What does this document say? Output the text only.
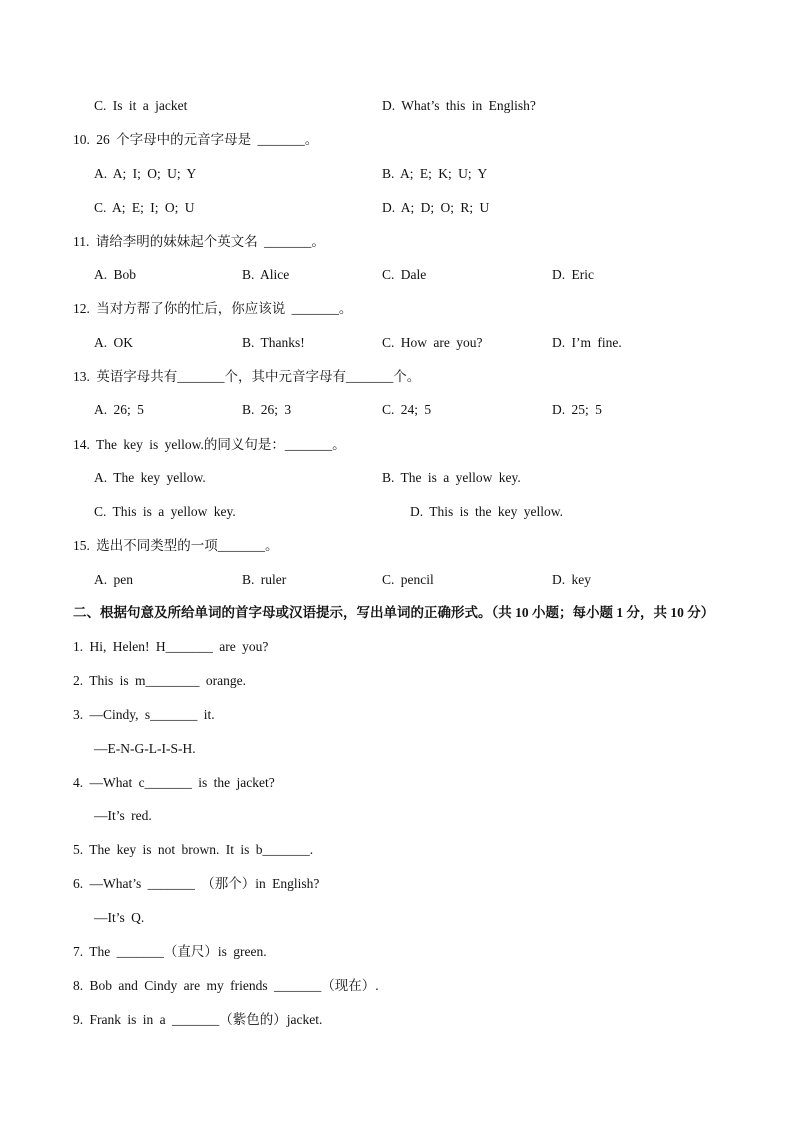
C. Is it a jacket	D. What’s this in English?
10. 26 个字母中的元音字母是 _______。
A. A; I; O; U; Y	B. A; E; K; U; Y
C. A; E; I; O; U	D. A; D; O; R; U
11. 请给李明的妹妹起个英文名 _______。
A. Bob	B. Alice	C. Dale	D. Eric
12. 当对方帮了你的忙后，你应该说 _______。
A. OK	B. Thanks!	C. How are you?	D. I’m fine.
13. 英语字母共有_______个，其中元音字母有_______个。
A. 26; 5	B. 26; 3	C. 24; 5	D. 25; 5
14. The key is yellow.的同义句是：_______。
A. The key yellow.	B. The is a yellow key.
C. This is a yellow key.	D. This is the key yellow.
15. 选出不同类型的一项_______。
A. pen	B. ruler	C. pencil	D. key
二、根据句意及所给单词的首字母或汉语提示，写出单词的正确形式。（共 10 小题；每小题 1 分，共 10 分）
1. Hi, Helen! H_______ are you?
2. This is m________ orange.
3. —Cindy, s_______ it.
—E-N-G-L-I-S-H.
4. —What c_______ is the jacket?
—It’s red.
5. The key is not brown. It is b_______.
6. —What’s _______ （那个）in English?
—It’s Q.
7. The _______（直尺）is green.
8. Bob and Cindy are my friends _______（现在）.
9. Frank is in a _______（紫色的）jacket.
